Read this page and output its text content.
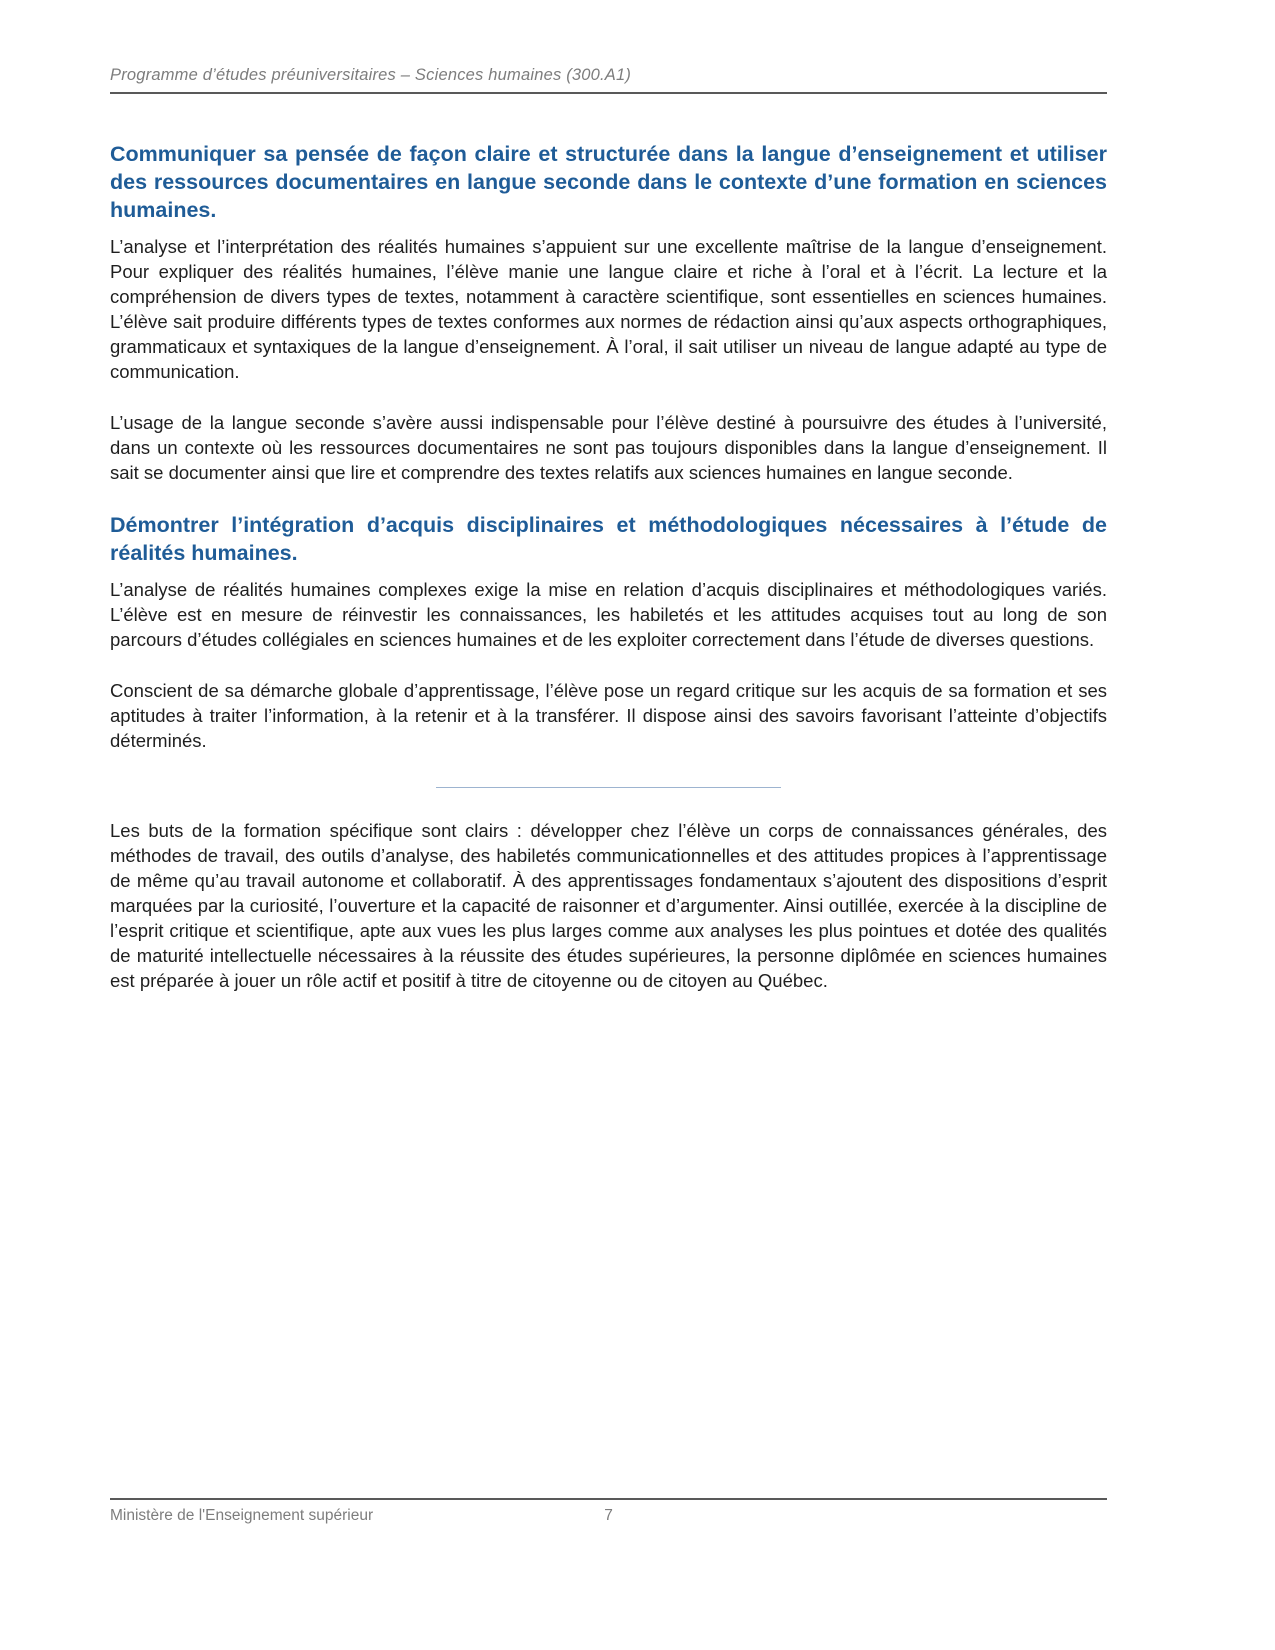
Programme d’études préuniversitaires – Sciences humaines (300.A1)
Communiquer sa pensée de façon claire et structurée dans la langue d’enseignement et utiliser des ressources documentaires en langue seconde dans le contexte d’une formation en sciences humaines.

L’analyse et l’interprétation des réalités humaines s’appuient sur une excellente maîtrise de la langue d’enseignement. Pour expliquer des réalités humaines, l’élève manie une langue claire et riche à l’oral et à l’écrit. La lecture et la compréhension de divers types de textes, notamment à caractère scientifique, sont essentielles en sciences humaines. L’élève sait produire différents types de textes conformes aux normes de rédaction ainsi qu’aux aspects orthographiques, grammaticaux et syntaxiques de la langue d’enseignement. À l’oral, il sait utiliser un niveau de langue adapté au type de communication.

L’usage de la langue seconde s’avère aussi indispensable pour l’élève destiné à poursuivre des études à l’université, dans un contexte où les ressources documentaires ne sont pas toujours disponibles dans la langue d’enseignement. Il sait se documenter ainsi que lire et comprendre des textes relatifs aux sciences humaines en langue seconde.

Démontrer l’intégration d’acquis disciplinaires et méthodologiques nécessaires à l’étude de réalités humaines.

L’analyse de réalités humaines complexes exige la mise en relation d’acquis disciplinaires et méthodologiques variés. L’élève est en mesure de réinvestir les connaissances, les habiletés et les attitudes acquises tout au long de son parcours d’études collégiales en sciences humaines et de les exploiter correctement dans l’étude de diverses questions.

Conscient de sa démarche globale d’apprentissage, l’élève pose un regard critique sur les acquis de sa formation et ses aptitudes à traiter l’information, à la retenir et à la transférer. Il dispose ainsi des savoirs favorisant l’atteinte d’objectifs déterminés.

Les buts de la formation spécifique sont clairs : développer chez l’élève un corps de connaissances générales, des méthodes de travail, des outils d’analyse, des habiletés communicationnelles et des attitudes propices à l’apprentissage de même qu’au travail autonome et collaboratif. À des apprentissages fondamentaux s’ajoutent des dispositions d’esprit marquées par la curiosité, l’ouverture et la capacité de raisonner et d’argumenter. Ainsi outillée, exercée à la discipline de l’esprit critique et scientifique, apte aux vues les plus larges comme aux analyses les plus pointues et dotée des qualités de maturité intellectuelle nécessaires à la réussite des études supérieures, la personne diplômée en sciences humaines est préparée à jouer un rôle actif et positif à titre de citoyenne ou de citoyen au Québec.

Ministère de l'Enseignement supérieur	7
